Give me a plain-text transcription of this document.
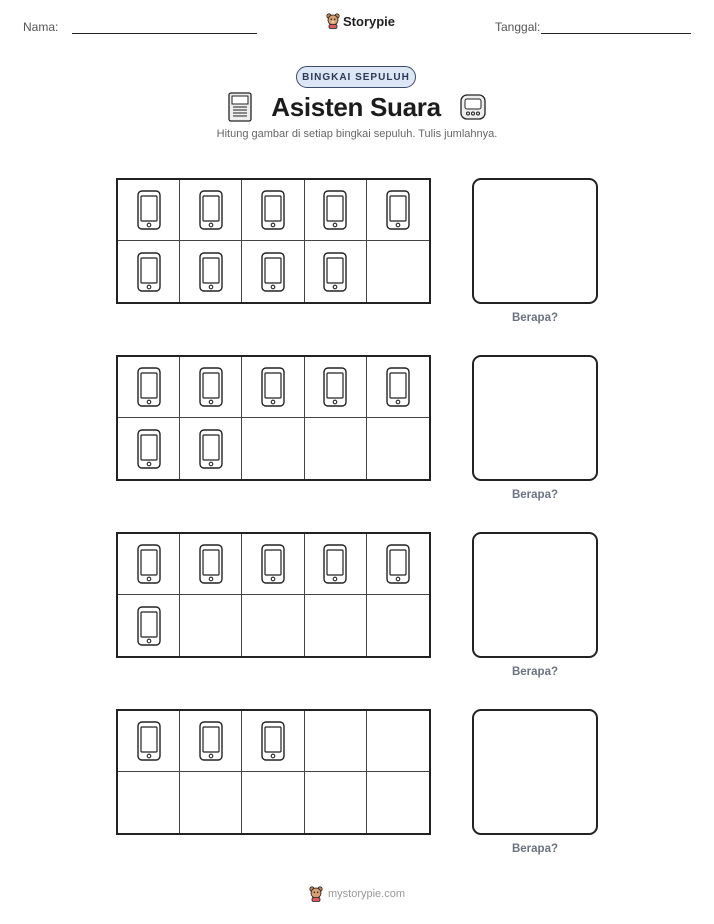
Nama:	Storypie	Tanggal:
BINGKAI SEPULUH
Asisten Suara
Hitung gambar di setiap bingkai sepuluh. Tulis jumlahnya.
Berapa?
Berapa?
Berapa?
Berapa?
mystorypie.com
